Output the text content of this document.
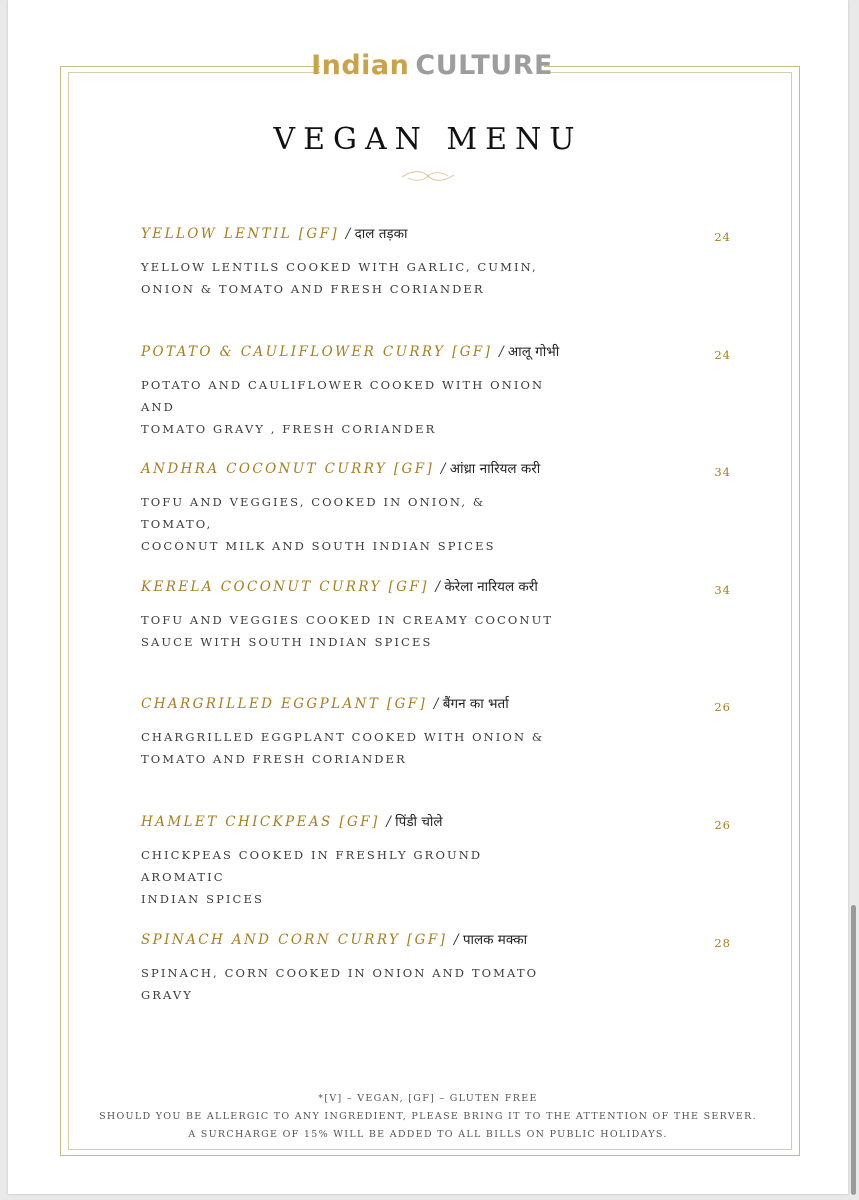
Indian CULTURE
VEGAN MENU
YELLOW LENTIL [GF] / दाल तड़का	24
YELLOW LENTILS COOKED WITH GARLIC, CUMIN,
ONION & TOMATO AND FRESH CORIANDER
POTATO & CAULIFLOWER CURRY [GF] / आलू गोभी	24
POTATO AND CAULIFLOWER COOKED WITH ONION AND
TOMATO GRAVY , FRESH CORIANDER
ANDHRA COCONUT CURRY [GF] / आंध्रा नारियल करी	34
TOFU AND VEGGIES, COOKED IN ONION, & TOMATO,
COCONUT MILK AND SOUTH INDIAN SPICES
KERELA COCONUT CURRY [GF] / केरेला नारियल करी	34
TOFU AND VEGGIES COOKED IN CREAMY COCONUT
SAUCE WITH SOUTH INDIAN SPICES
CHARGRILLED EGGPLANT [GF] / बैंगन का भर्ता	26
CHARGRILLED EGGPLANT COOKED WITH ONION &
TOMATO AND FRESH CORIANDER
HAMLET CHICKPEAS [GF] / पिंडी चोले	26
CHICKPEAS COOKED IN FRESHLY GROUND AROMATIC
INDIAN SPICES
SPINACH AND CORN CURRY [GF] / पालक मक्का	28
SPINACH, CORN COOKED IN ONION AND TOMATO
GRAVY
*[V] – VEGAN, [GF] – GLUTEN FREE
SHOULD YOU BE ALLERGIC TO ANY INGREDIENT, PLEASE BRING IT TO THE ATTENTION OF THE SERVER.
A SURCHARGE OF 15% WILL BE ADDED TO ALL BILLS ON PUBLIC HOLIDAYS.
